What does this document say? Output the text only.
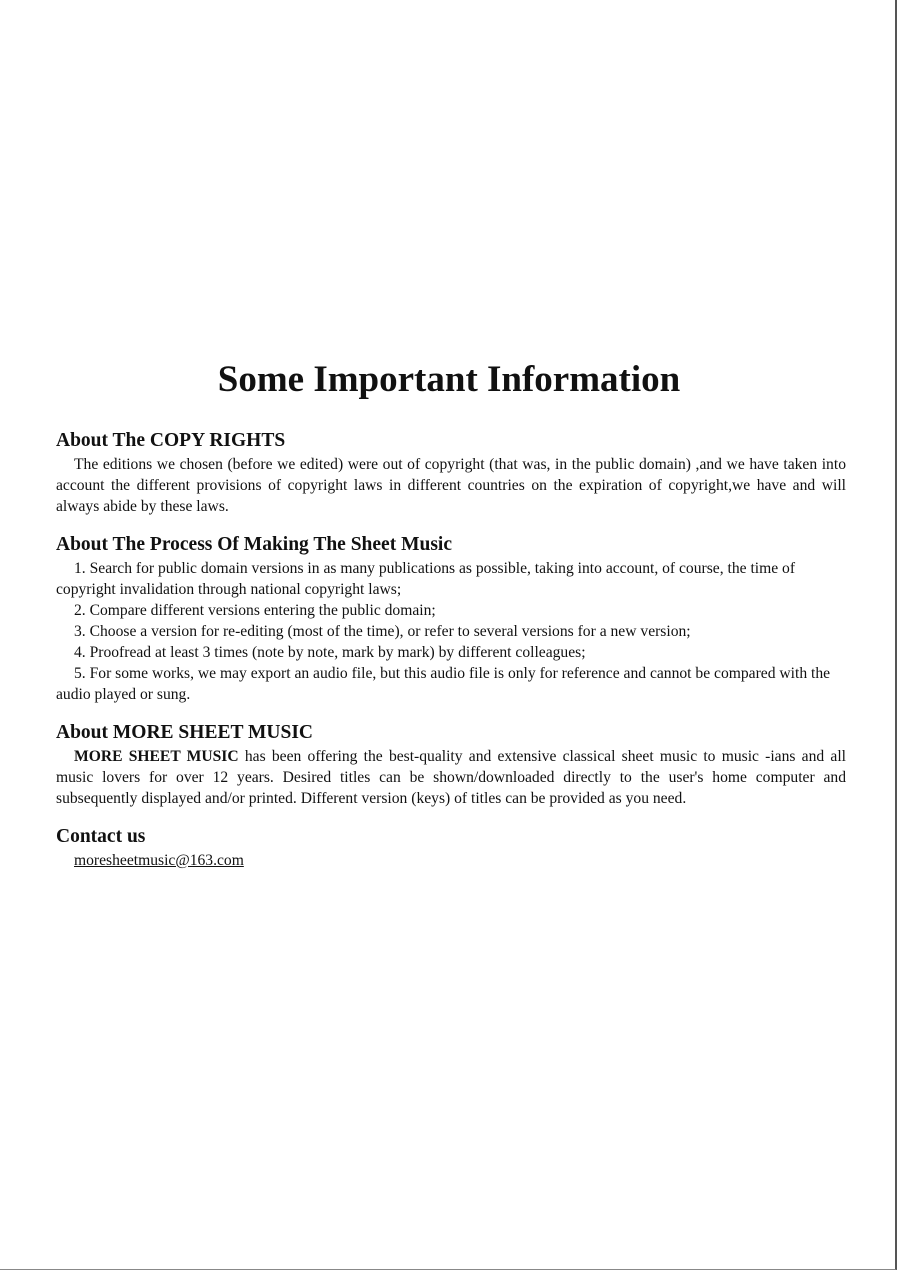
Some Important Information
About The COPY RIGHTS

The editions we chosen (before we edited) were out of copyright (that was, in the public domain) ,and we have taken into account the different provisions of copyright laws in different countries on the expiration of copyright,we have and will always abide by these laws.

About The Process Of Making The Sheet Music

1. Search for public domain versions in as many publications as possible, taking into account, of course, the time of copyright invalidation through national copyright laws;

2. Compare different versions entering the public domain;

3. Choose a version for re-editing (most of the time), or refer to several versions for a new version;

4. Proofread at least 3 times (note by note, mark by mark) by different colleagues;

5. For some works, we may export an audio file, but this audio file is only for reference and cannot be compared with the audio played or sung.

About MORE SHEET MUSIC

MORE SHEET MUSIC has been offering the best-quality and extensive classical sheet music to music -ians and all music lovers for over 12 years. Desired titles can be shown/downloaded directly to the user's home computer and subsequently displayed and/or printed. Different version (keys) of titles can be provided as you need.

Contact us
moresheetmusic@163.com
